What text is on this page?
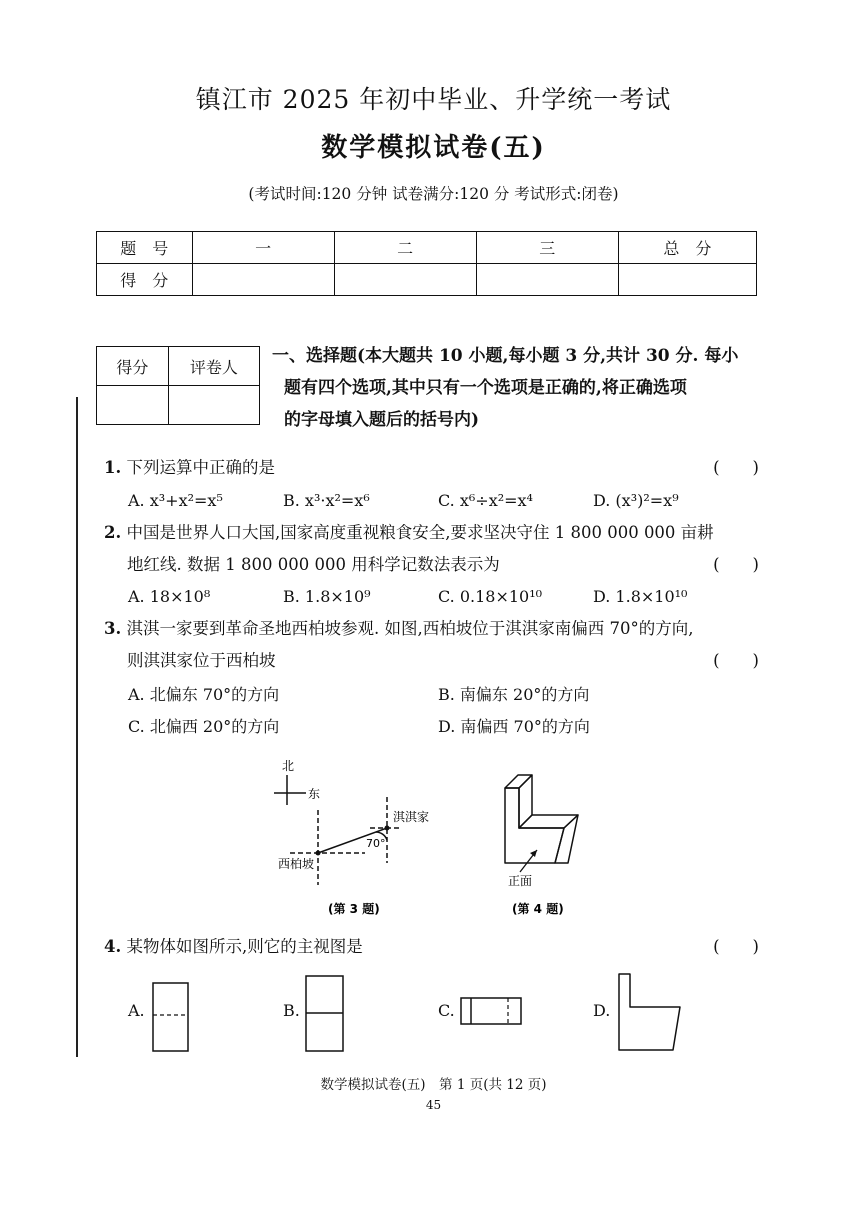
镇江市 2025 年初中毕业、升学统一考试
数学模拟试卷(五)
(考试时间:120 分钟 试卷满分:120 分 考试形式:闭卷)
题　号	一	二	三	总　分
得　分				
得分	评卷人

一、选择题(本大题共 10 小题,每小题 3 分,共计 30 分. 每小
题有四个选项,其中只有一个选项是正确的,将正确选项
的字母填入题后的括号内)
1. 下列运算中正确的是	(　　)
A. x³+x²=x⁵	B. x³·x²=x⁶	C. x⁶÷x²=x⁴	D. (x³)²=x⁹
2. 中国是世界人口大国,国家高度重视粮食安全,要求坚决守住 1 800 000 000 亩耕
地红线. 数据 1 800 000 000 用科学记数法表示为	(　　)
A. 18×10⁸	B. 1.8×10⁹	C. 0.18×10¹⁰	D. 1.8×10¹⁰
3. 淇淇一家要到革命圣地西柏坡参观. 如图,西柏坡位于淇淇家南偏西 70°的方向,
则淇淇家位于西柏坡	(　　)
A. 北偏东 70°的方向	B. 南偏东 20°的方向
C. 北偏西 20°的方向	D. 南偏西 70°的方向
北
东
淇淇家
西柏坡
70°
(第 3 题)
正面
(第 4 题)
4. 某物体如图所示,则它的主视图是	(　　)
A.	B.	C.	D.
数学模拟试卷(五)　第 1 页(共 12 页)
45
